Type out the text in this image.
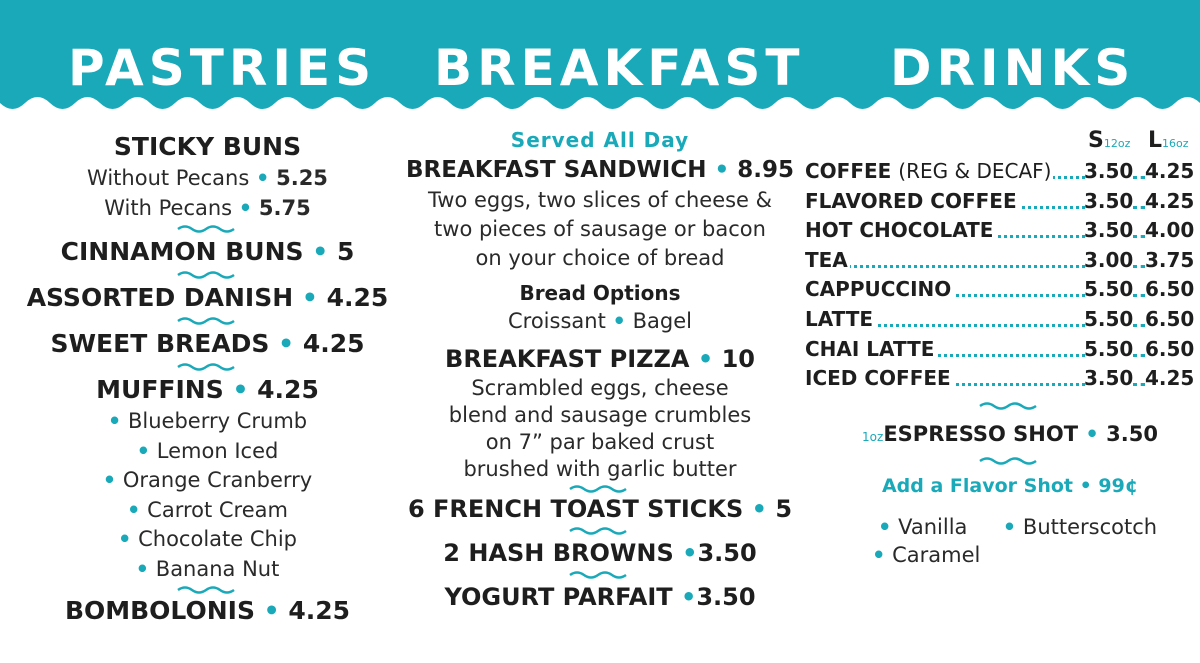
PASTRIES BREAKFAST DRINKS
STICKY BUNS
Without Pecans • 5.25
With Pecans • 5.75
CINNAMON BUNS • 5
ASSORTED DANISH • 4.25
SWEET BREADS • 4.25
MUFFINS • 4.25
• Blueberry Crumb
• Lemon Iced
• Orange Cranberry
• Carrot Cream
• Chocolate Chip
• Banana Nut
BOMBOLONIS • 4.25
Served All Day
BREAKFAST SANDWICH • 8.95
Two eggs, two slices of cheese &
two pieces of sausage or bacon
on your choice of bread
Bread Options
Croissant • Bagel
BREAKFAST PIZZA • 10
Scrambled eggs, cheese
blend and sausage crumbles
on 7” par baked crust
brushed with garlic butter
6 FRENCH TOAST STICKS • 5
2 HASH BROWNS •3.50
YOGURT PARFAIT •3.50
S12oz L16oz
COFFEE (REG & DECAF) 3.50 4.25
FLAVORED COFFEE	3.50 4.25
HOT CHOCOLATE	3.50 4.00
TEA	3.00 3.75
CAPPUCCINO	5.50 6.50
LATTE	5.50 6.50
CHAI LATTE	5.50 6.50
ICED COFFEE	3.50 4.25
1ozESPRESSO SHOT • 3.50
Add a Flavor Shot • 99¢
• Vanilla • Butterscotch
• Caramel
